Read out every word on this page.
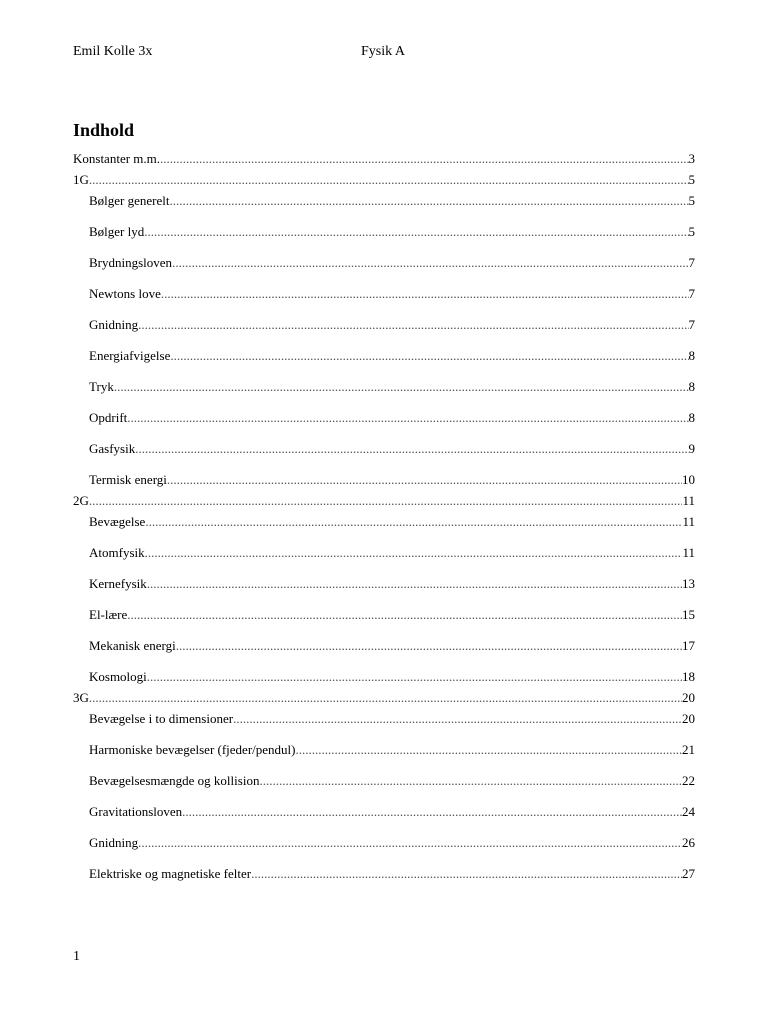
Emil Kolle 3x	Fysik A
Indhold
Konstanter m.m. .....	3
1G .....	5
Bølger generelt .....	5
Bølger lyd .....	5
Brydningsloven .....	7
Newtons love .....	7
Gnidning .....	7
Energiafvigelse .....	8
Tryk .....	8
Opdrift .....	8
Gasfysik .....	9
Termisk energi .....	10
2G .....	11
Bevægelse .....	11
Atomfysik .....	11
Kernefysik .....	13
El-lære .....	15
Mekanisk energi .....	17
Kosmologi .....	18
3G .....	20
Bevægelse i to dimensioner .....	20
Harmoniske bevægelser (fjeder/pendul) .....	21
Bevægelsesmængde og kollision .....	22
Gravitationsloven .....	24
Gnidning .....	26
Elektriske og magnetiske felter .....	27
1
